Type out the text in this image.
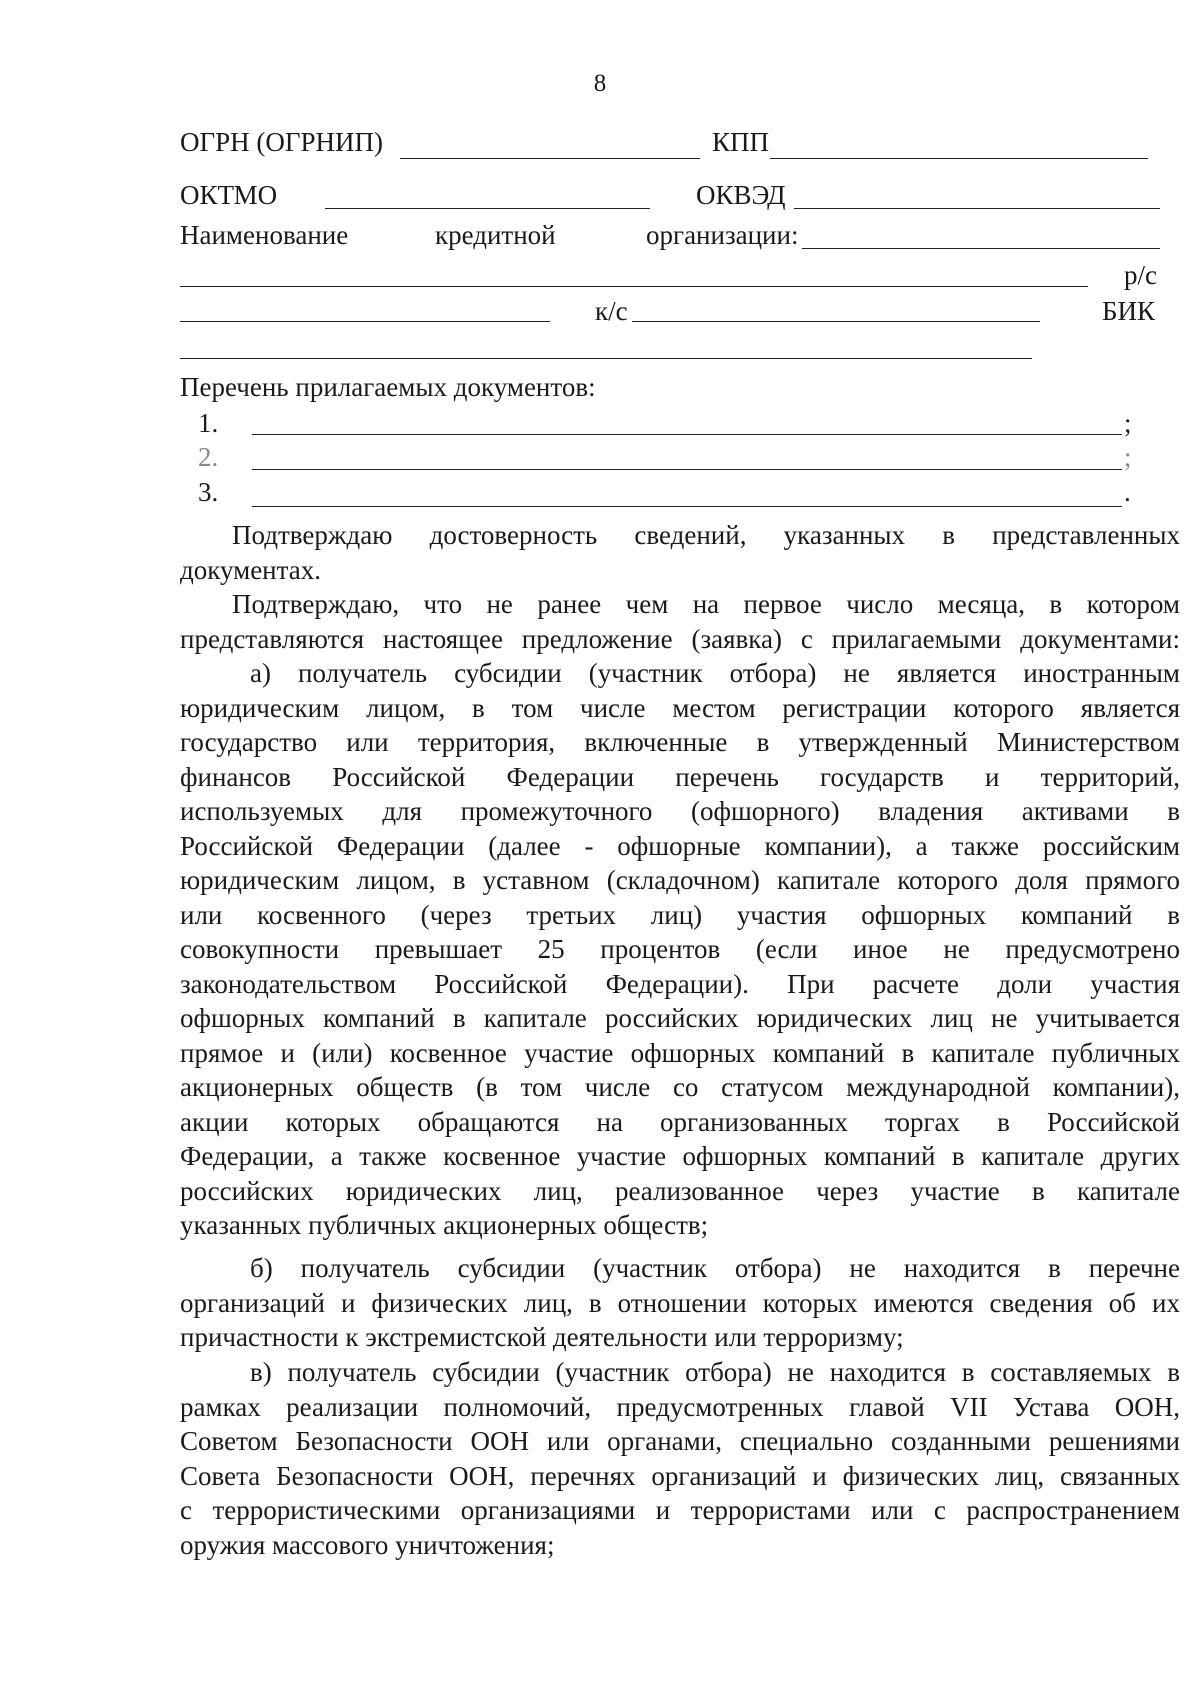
8
ОГРН (ОГРНИП)	КПП
ОКТМО	ОКВЭД
Наименование	кредитной	организации:
р/с
к/с	БИК
Перечень прилагаемых документов:
1.	;
2.	;
3.	.
Подтверждаю достоверность сведений, указанных в представленных
документах.
Подтверждаю, что не ранее чем на первое число месяца, в котором
представляются настоящее предложение (заявка) с прилагаемыми документами:
а) получатель субсидии (участник отбора) не является иностранным
юридическим лицом, в том числе местом регистрации которого является
государство или территория, включенные в утвержденный Министерством
финансов Российской Федерации перечень государств и территорий,
используемых для промежуточного (офшорного) владения активами в
Российской Федерации (далее - офшорные компании), а также российским
юридическим лицом, в уставном (складочном) капитале которого доля прямого
или косвенного (через третьих лиц) участия офшорных компаний в
совокупности превышает 25 процентов (если иное не предусмотрено
законодательством Российской Федерации). При расчете доли участия
офшорных компаний в капитале российских юридических лиц не учитывается
прямое и (или) косвенное участие офшорных компаний в капитале публичных
акционерных обществ (в том числе со статусом международной компании),
акции которых обращаются на организованных торгах в Российской
Федерации, а также косвенное участие офшорных компаний в капитале других
российских юридических лиц, реализованное через участие в капитале
указанных публичных акционерных обществ;
б) получатель субсидии (участник отбора) не находится в перечне
организаций и физических лиц, в отношении которых имеются сведения об их
причастности к экстремистской деятельности или терроризму;
в) получатель субсидии (участник отбора) не находится в составляемых в
рамках реализации полномочий, предусмотренных главой VII Устава ООН,
Советом Безопасности ООН или органами, специально созданными решениями
Совета Безопасности ООН, перечнях организаций и физических лиц, связанных
с террористическими организациями и террористами или с распространением
оружия массового уничтожения;
